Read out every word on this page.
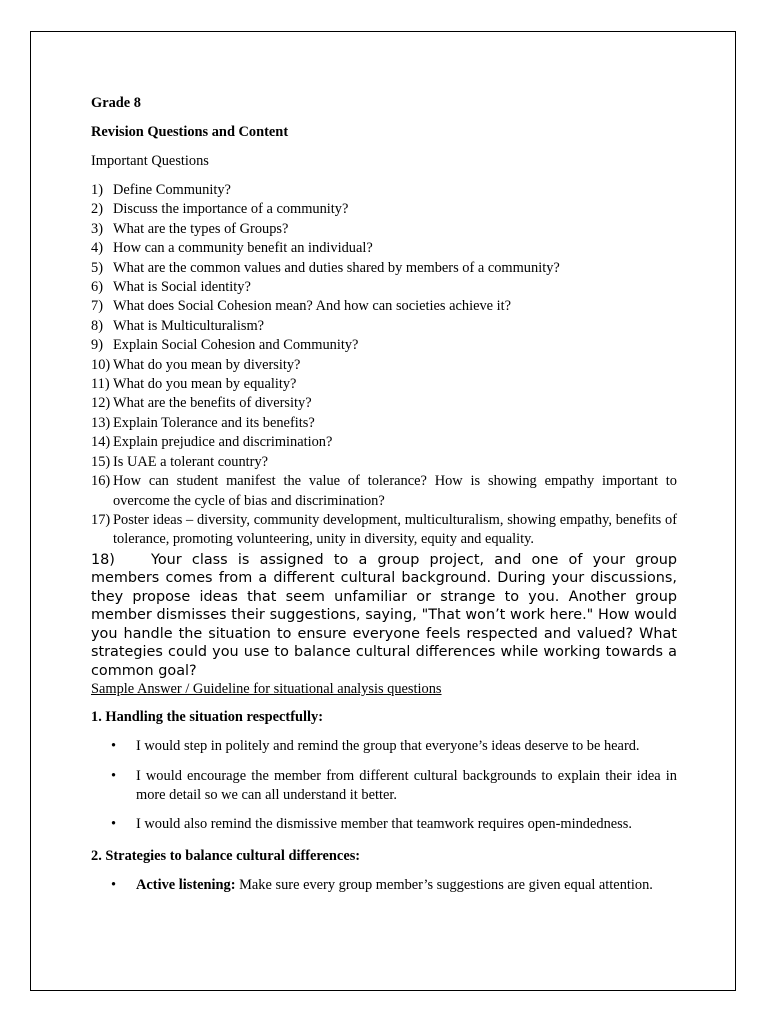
Grade 8

Revision Questions and Content

Important Questions

1) Define Community?
2) Discuss the importance of a community?
3) What are the types of Groups?
4) How can a community benefit an individual?
5) What are the common values and duties shared by members of a community?
6) What is Social identity?
7) What does Social Cohesion mean? And how can societies achieve it?
8) What is Multiculturalism?
9) Explain Social Cohesion and Community?
10) What do you mean by diversity?
11) What do you mean by equality?
12) What are the benefits of diversity?
13) Explain Tolerance and its benefits?
14) Explain prejudice and discrimination?
15) Is UAE a tolerant country?
16) How can student manifest the value of tolerance? How is showing empathy important to overcome the cycle of bias and discrimination?
17) Poster ideas – diversity, community development, multiculturalism, showing empathy, benefits of tolerance, promoting volunteering, unity in diversity, equity and equality.

18)	Your class is assigned to a group project, and one of your group members comes from a different cultural background. During your discussions, they propose ideas that seem unfamiliar or strange to you. Another group member dismisses their suggestions, saying, "That won’t work here." How would you handle the situation to ensure everyone feels respected and valued? What strategies could you use to balance cultural differences while working towards a common goal?

Sample Answer / Guideline for situational analysis questions

1. Handling the situation respectfully:

• I would step in politely and remind the group that everyone’s ideas deserve to be heard.
• I would encourage the member from different cultural backgrounds to explain their idea in more detail so we can all understand it better.
• I would also remind the dismissive member that teamwork requires open-mindedness.

2. Strategies to balance cultural differences:

• Active listening: Make sure every group member’s suggestions are given equal attention.
